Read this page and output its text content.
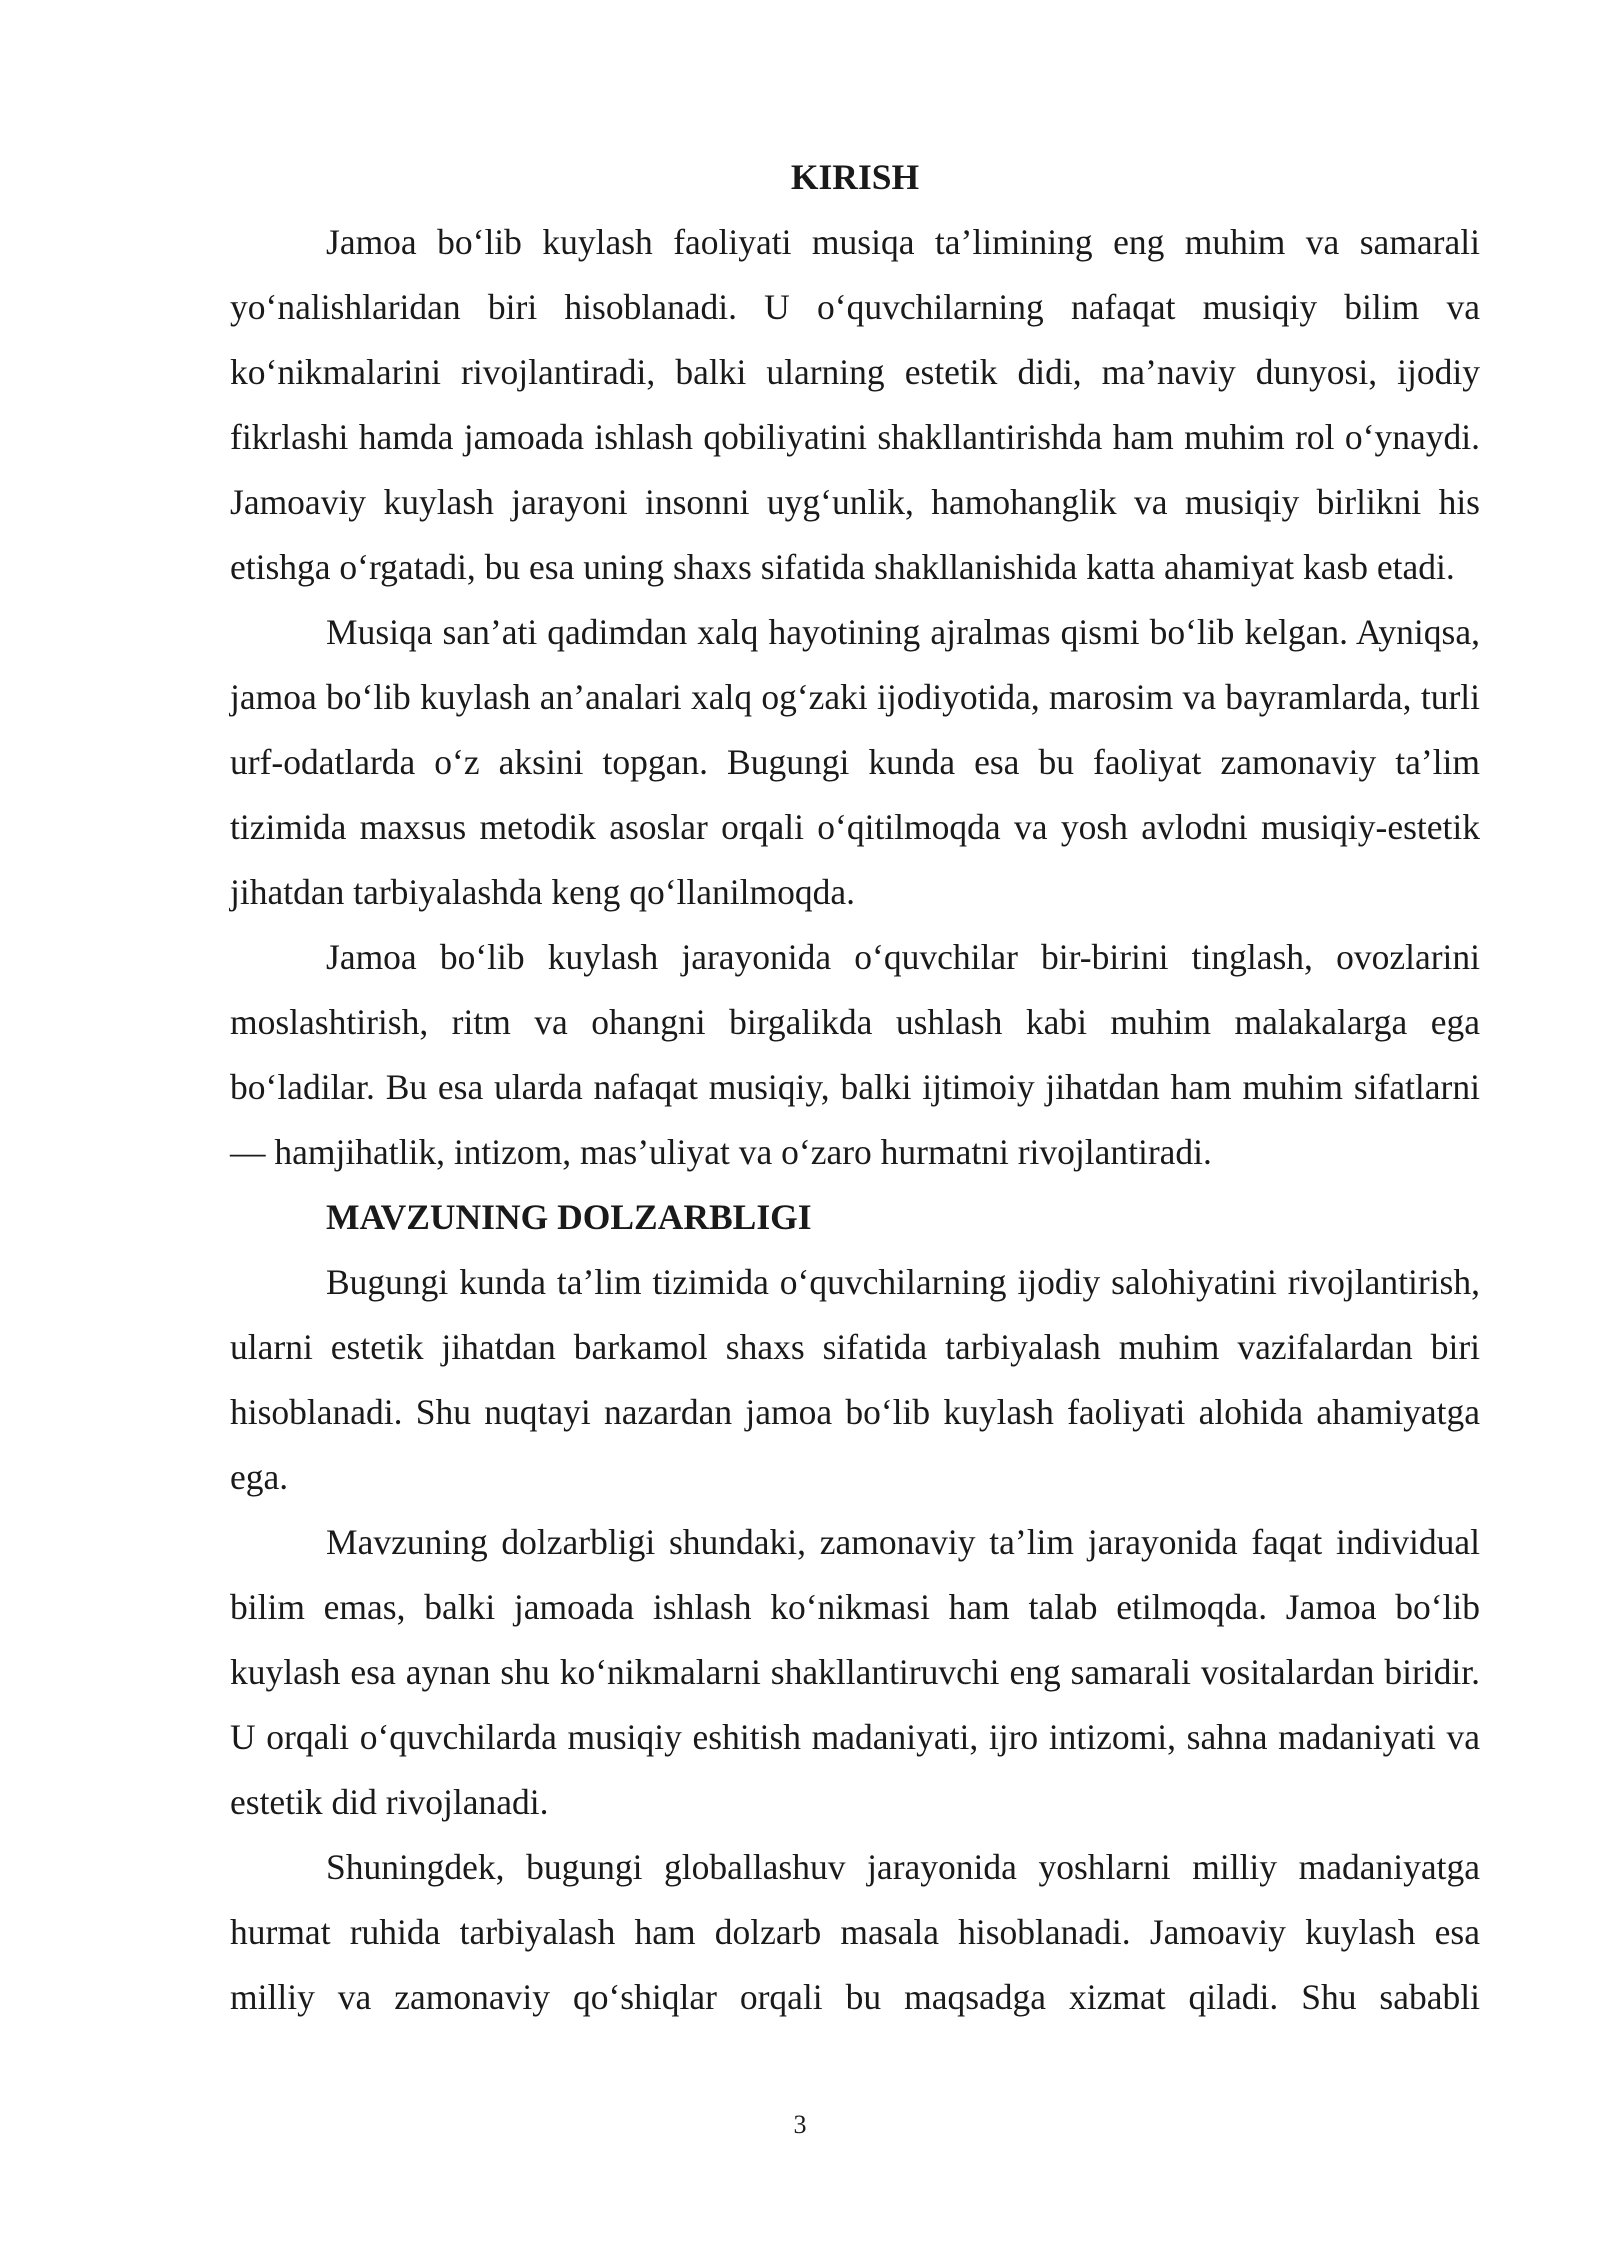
KIRISH

Jamoa bo‘lib kuylash faoliyati musiqa ta’limining eng muhim va samarali yo‘nalishlaridan biri hisoblanadi. U o‘quvchilarning nafaqat musiqiy bilim va ko‘nikmalarini rivojlantiradi, balki ularning estetik didi, ma’naviy dunyosi, ijodiy fikrlashi hamda jamoada ishlash qobiliyatini shakllantirishda ham muhim rol o‘ynaydi. Jamoaviy kuylash jarayoni insonni uyg‘unlik, hamohanglik va musiqiy birlikni his etishga o‘rgatadi, bu esa uning shaxs sifatida shakllanishida katta ahamiyat kasb etadi.

Musiqa san’ati qadimdan xalq hayotining ajralmas qismi bo‘lib kelgan. Ayniqsa, jamoa bo‘lib kuylash an’analari xalq og‘zaki ijodiyotida, marosim va bayramlarda, turli urf-odatlarda o‘z aksini topgan. Bugungi kunda esa bu faoliyat zamonaviy ta’lim tizimida maxsus metodik asoslar orqali o‘qitilmoqda va yosh avlodni musiqiy-estetik jihatdan tarbiyalashda keng qo‘llanilmoqda.

Jamoa bo‘lib kuylash jarayonida o‘quvchilar bir-birini tinglash, ovozlarini moslashtirish, ritm va ohangni birgalikda ushlash kabi muhim malakalarga ega bo‘ladilar. Bu esa ularda nafaqat musiqiy, balki ijtimoiy jihatdan ham muhim sifatlarni — hamjihatlik, intizom, mas’uliyat va o‘zaro hurmatni rivojlantiradi.

MAVZUNING DOLZARBLIGI

Bugungi kunda ta’lim tizimida o‘quvchilarning ijodiy salohiyatini rivojlantirish, ularni estetik jihatdan barkamol shaxs sifatida tarbiyalash muhim vazifalardan biri hisoblanadi. Shu nuqtayi nazardan jamoa bo‘lib kuylash faoliyati alohida ahamiyatga ega.

Mavzuning dolzarbligi shundaki, zamonaviy ta’lim jarayonida faqat individual bilim emas, balki jamoada ishlash ko‘nikmasi ham talab etilmoqda. Jamoa bo‘lib kuylash esa aynan shu ko‘nikmalarni shakllantiruvchi eng samarali vositalardan biridir. U orqali o‘quvchilarda musiqiy eshitish madaniyati, ijro intizomi, sahna madaniyati va estetik did rivojlanadi.

Shuningdek, bugungi globallashuv jarayonida yoshlarni milliy madaniyatga hurmat ruhida tarbiyalash ham dolzarb masala hisoblanadi. Jamoaviy kuylash esa milliy va zamonaviy qo‘shiqlar orqali bu maqsadga xizmat qiladi. Shu sababli

3
